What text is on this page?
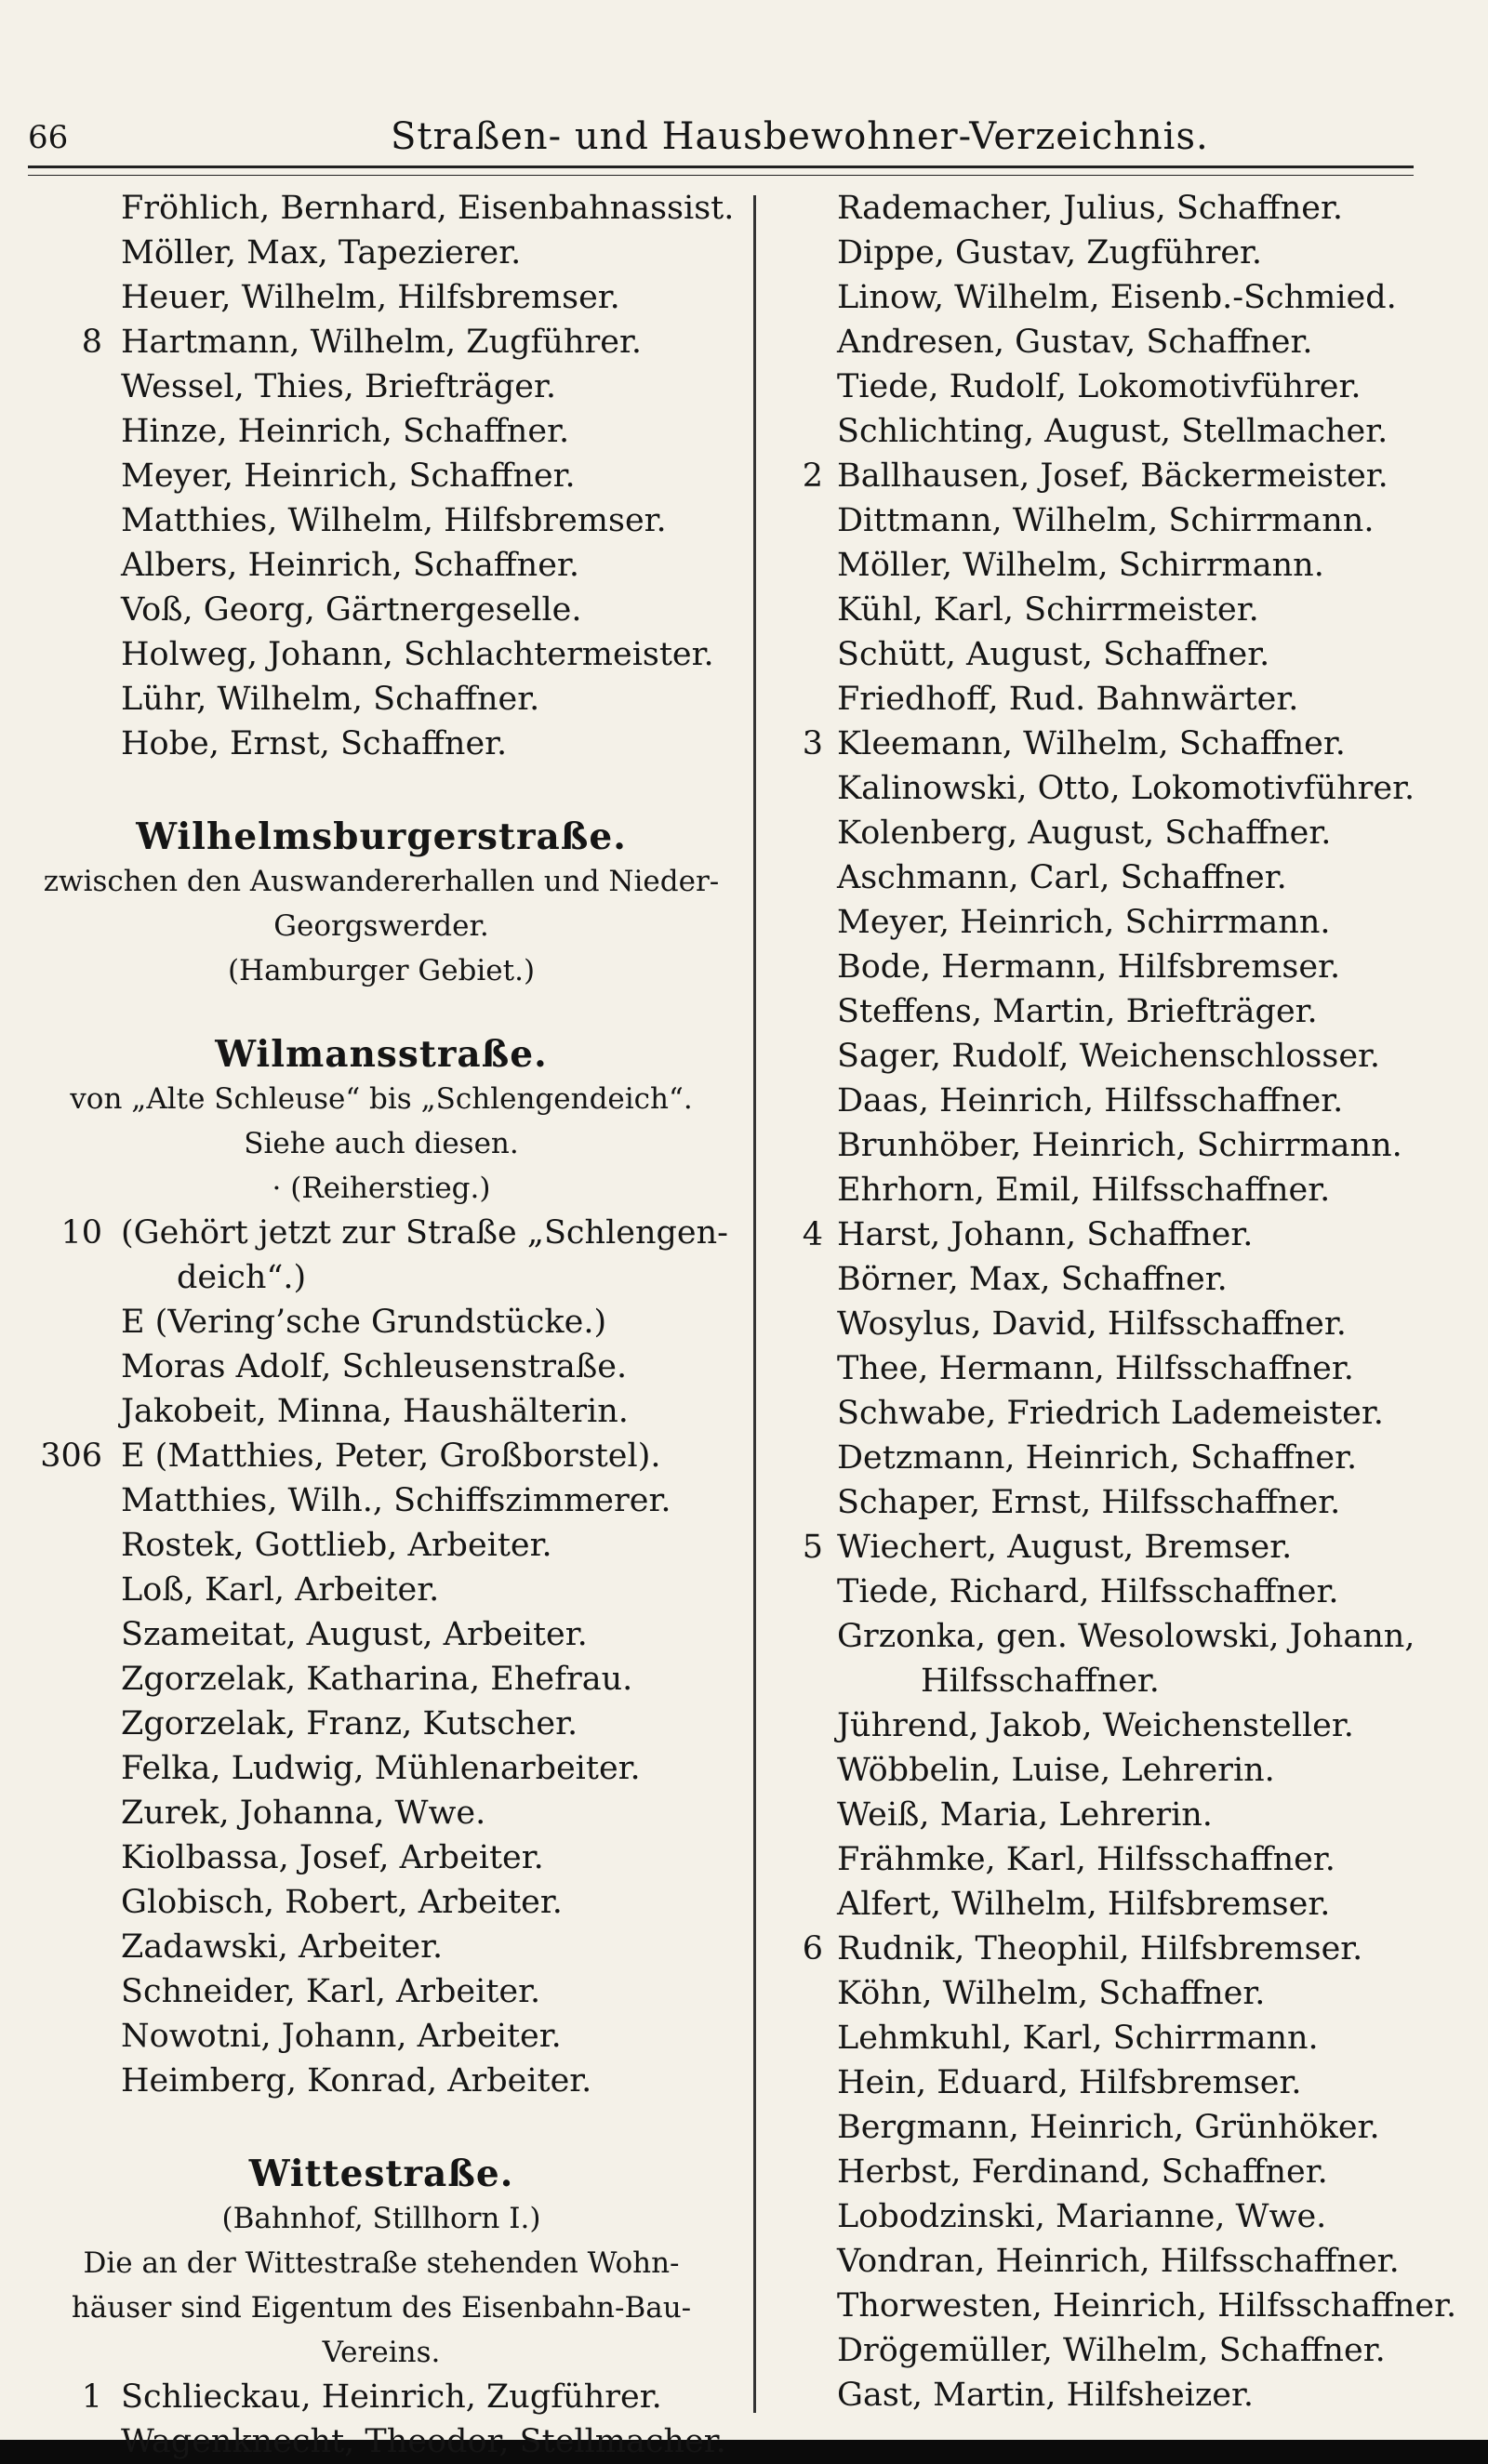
66	Straßen- und Hausbewohner-Verzeichnis.
Fröhlich, Bernhard, Eisenbahnassist.
Möller, Max, Tapezierer.
Heuer, Wilhelm, Hilfsbremser.
8 Hartmann, Wilhelm, Zugführer.
Wessel, Thies, Briefträger.
Hinze, Heinrich, Schaffner.
Meyer, Heinrich, Schaffner.
Matthies, Wilhelm, Hilfsbremser.
Albers, Heinrich, Schaffner.
Voß, Georg, Gärtnergeselle.
Holweg, Johann, Schlachtermeister.
Lühr, Wilhelm, Schaffner.
Hobe, Ernst, Schaffner.
Wilhelmsburgerstraße.
zwischen den Auswandererhallen und Nieder-
Georgswerder.
(Hamburger Gebiet.)
Wilmansstraße.
von „Alte Schleuse“ bis „Schlengendeich“.
Siehe auch diesen.
· (Reiherstieg.)
10 (Gehört jetzt zur Straße „Schlengen-
deich“.)
E (Vering’sche Grundstücke.)
Moras Adolf, Schleusenstraße.
Jakobeit, Minna, Haushälterin.
306 E (Matthies, Peter, Großborstel).
Matthies, Wilh., Schiffszimmerer.
Rostek, Gottlieb, Arbeiter.
Loß, Karl, Arbeiter.
Szameitat, August, Arbeiter.
Zgorzelak, Katharina, Ehefrau.
Zgorzelak, Franz, Kutscher.
Felka, Ludwig, Mühlenarbeiter.
Zurek, Johanna, Wwe.
Kiolbassa, Josef, Arbeiter.
Globisch, Robert, Arbeiter.
Zadawski, Arbeiter.
Schneider, Karl, Arbeiter.
Nowotni, Johann, Arbeiter.
Heimberg, Konrad, Arbeiter.
Wittestraße.
(Bahnhof, Stillhorn I.)
Die an der Wittestraße stehenden Wohn-
häuser sind Eigentum des Eisenbahn-Bau-
Vereins.
1 Schlieckau, Heinrich, Zugführer.
Wagenknecht, Theodor, Stellmacher.
Rademacher, Julius, Schaffner.
Dippe, Gustav, Zugführer.
Linow, Wilhelm, Eisenb.-Schmied.
Andresen, Gustav, Schaffner.
Tiede, Rudolf, Lokomotivführer.
Schlichting, August, Stellmacher.
2 Ballhausen, Josef, Bäckermeister.
Dittmann, Wilhelm, Schirrmann.
Möller, Wilhelm, Schirrmann.
Kühl, Karl, Schirrmeister.
Schütt, August, Schaffner.
Friedhoff, Rud. Bahnwärter.
3 Kleemann, Wilhelm, Schaffner.
Kalinowski, Otto, Lokomotivführer.
Kolenberg, August, Schaffner.
Aschmann, Carl, Schaffner.
Meyer, Heinrich, Schirrmann.
Bode, Hermann, Hilfsbremser.
Steffens, Martin, Briefträger.
Sager, Rudolf, Weichenschlosser.
Daas, Heinrich, Hilfsschaffner.
Brunhöber, Heinrich, Schirrmann.
Ehrhorn, Emil, Hilfsschaffner.
4 Harst, Johann, Schaffner.
Börner, Max, Schaffner.
Wosylus, David, Hilfsschaffner.
Thee, Hermann, Hilfsschaffner.
Schwabe, Friedrich Lademeister.
Detzmann, Heinrich, Schaffner.
Schaper, Ernst, Hilfsschaffner.
5 Wiechert, August, Bremser.
Tiede, Richard, Hilfsschaffner.
Grzonka, gen. Wesolowski, Johann,
Hilfsschaffner.
Jührend, Jakob, Weichensteller.
Wöbbelin, Luise, Lehrerin.
Weiß, Maria, Lehrerin.
Frähmke, Karl, Hilfsschaffner.
Alfert, Wilhelm, Hilfsbremser.
6 Rudnik, Theophil, Hilfsbremser.
Köhn, Wilhelm, Schaffner.
Lehmkuhl, Karl, Schirrmann.
Hein, Eduard, Hilfsbremser.
Bergmann, Heinrich, Grünhöker.
Herbst, Ferdinand, Schaffner.
Lobodzinski, Marianne, Wwe.
Vondran, Heinrich, Hilfsschaffner.
Thorwesten, Heinrich, Hilfsschaffner.
Drögemüller, Wilhelm, Schaffner.
Gast, Martin, Hilfsheizer.
